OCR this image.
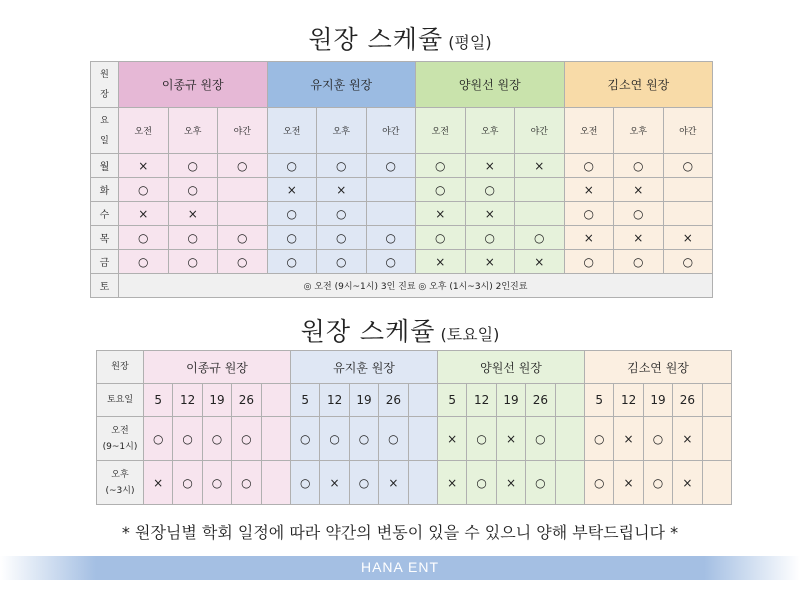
원장 스케쥴 (평일)
원
장	이종규 원장			유지훈 원장			양원선 원장			김소연 원장		

요
일	오전	오후	야간	오전	오후	야간	오전	오후	야간	오전	오후	야간
월	×	○	○	○	○	○	○	×	×	○	○	○
화	○	○		×	×		○	○		×	×	
수	×	×		○	○		×	×		○	○	
목	○	○	○	○	○	○	○	○	○	×	×	×
금	○	○	○	○	○	○	×	×	×	○	○	○
토	◎ 오전 (9시~1시) 3인 진료 ◎ 오후 (1시~3시) 2인진료											
원장 스케쥴 (토요일)
원장	이종규 원장					유지훈 원장					양원선 원장					김소연 원장				
토요일	5	12	19	26		5	12	19	26		5	12	19	26		5	12	19	26	

오전
(9~1시)	○	○	○	○		○	○	○	○		×	○	×	○		○	×	○	×	

오후
(~3시)	×	○	○	○		○	×	○	×		×	○	×	○		○	×	○	×	
* 원장님별 학회 일정에 따라 약간의 변동이 있을 수 있으니 양해 부탁드립니다 *
HANA ENT
